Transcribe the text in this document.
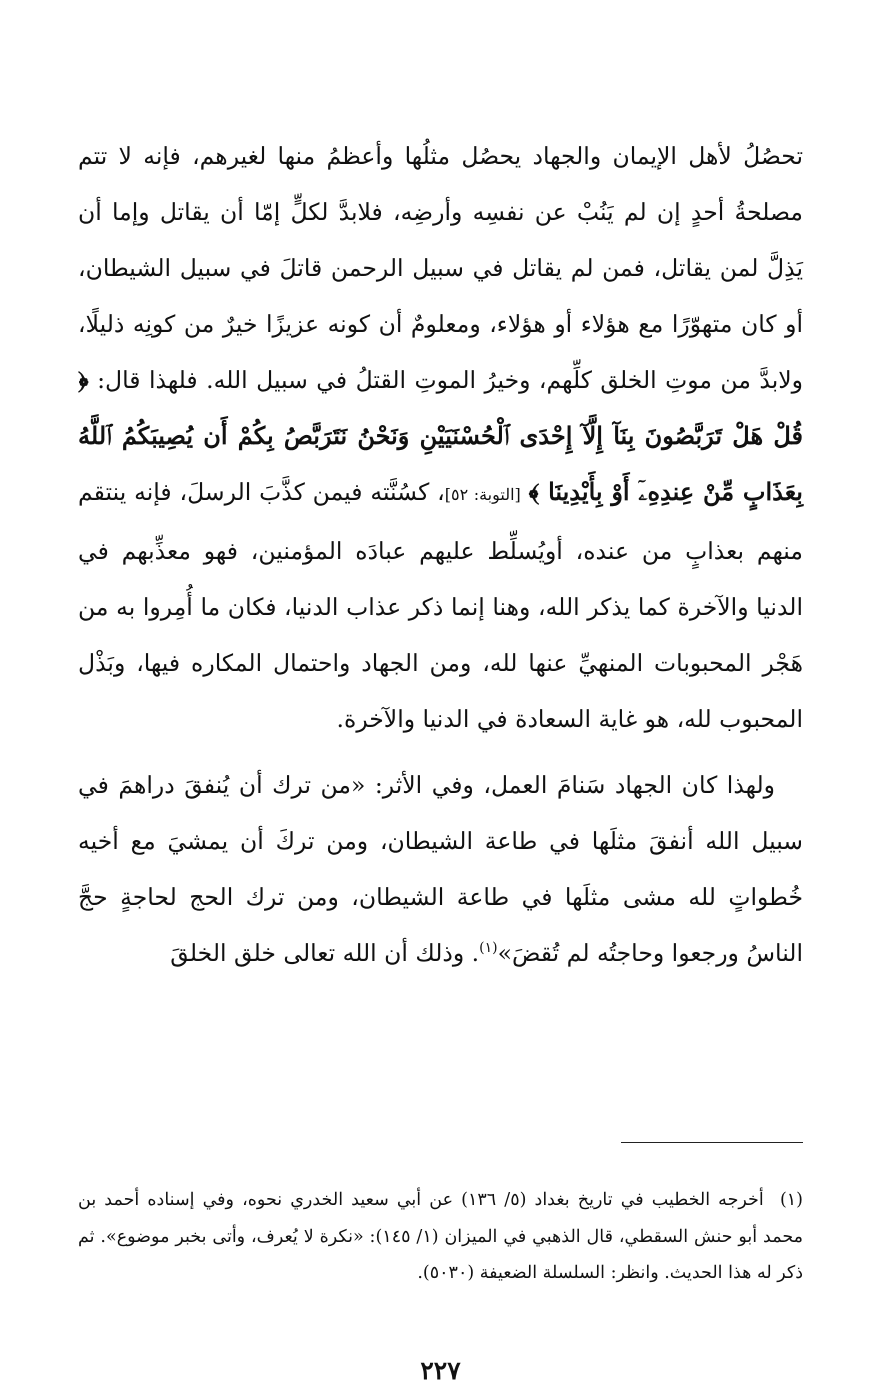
تحصُلُ لأهل الإيمان والجهاد يحصُل مثلُها وأعظمُ منها لغيرهم، فإنه لا تتم مصلحةُ أحدٍ إن لم يَنُبْ عن نفسِه وأرضِه، فلابدَّ لكلٍّ إمّا أن يقاتل وإما أن يَذِلَّ لمن يقاتل، فمن لم يقاتل في سبيل الرحمن قاتلَ في سبيل الشيطان، أو كان متهوّرًا مع هؤلاء أو هؤلاء، ومعلومٌ أن كونه عزيزًا خيرٌ من كونِه ذليلًا، ولابدَّ من موتِ الخلق كلِّهم، وخيرُ الموتِ القتلُ في سبيل الله. فلهذا قال: ﴿ قُلْ هَلْ تَرَبَّصُونَ بِنَآ إِلَّآ إِحْدَى ٱلْحُسْنَيَيْنِ وَنَحْنُ نَتَرَبَّصُ بِكُمْ أَن يُصِيبَكُمُ ٱللَّهُ بِعَذَابٍ مِّنْ عِندِهِۦٓ أَوْ بِأَيْدِينَا ﴾ [التوبة: ٥٢]، كسُنَّته فيمن كذَّبَ الرسلَ، فإنه ينتقم منهم بعذابٍ من عنده، أويُسلِّط عليهم عبادَه المؤمنين، فهو معذِّبهم في الدنيا والآخرة كما يذكر الله، وهنا إنما ذكر عذاب الدنيا، فكان ما أُمِروا به من هَجْر المحبوبات المنهيِّ عنها لله، ومن الجهاد واحتمال المكاره فيها، وبَذْل المحبوب لله، هو غاية السعادة في الدنيا والآخرة.

ولهذا كان الجهاد سَنامَ العمل، وفي الأثر: «من ترك أن يُنفقَ دراهمَ في سبيل الله أنفقَ مثلَها في طاعة الشيطان، ومن تركَ أن يمشيَ مع أخيه خُطواتٍ لله مشى مثلَها في طاعة الشيطان، ومن ترك الحج لحاجةٍ حجَّ الناسُ ورجعوا وحاجتُه لم تُقضَ»$^{(١)}$. وذلك أن الله تعالى خلق الخلقَ

(١)  أخرجه الخطيب في تاريخ بغداد (٥/ ١٣٦) عن أبي سعيد الخدري نحوه، وفي إسناده أحمد بن محمد أبو حنش السقطي، قال الذهبي في الميزان (١/ ١٤٥): «نكرة لا يُعرف، وأتى بخبر موضوع». ثم ذكر له هذا الحديث. وانظر: السلسلة الضعيفة (٥٠٣٠).

٢٢٧
